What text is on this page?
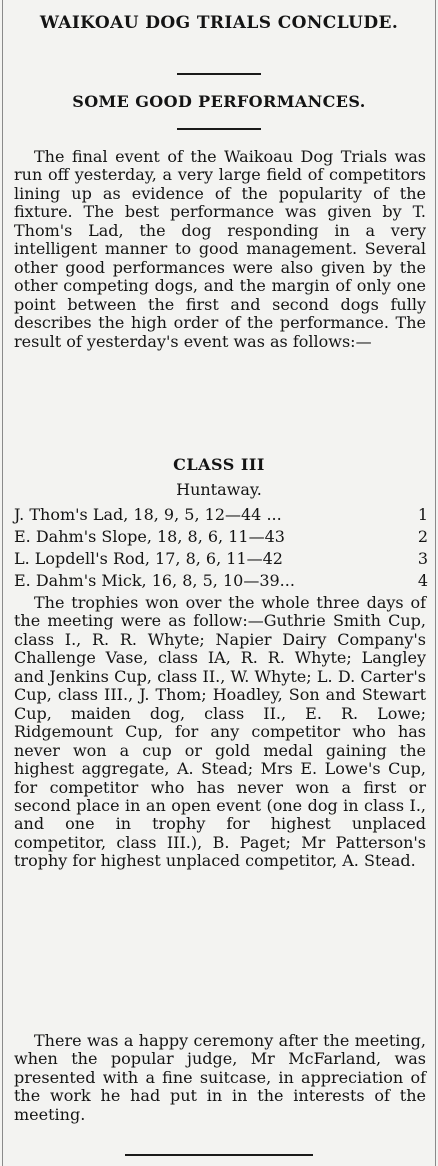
WAIKOAU DOG TRIALS CONCLUDE.
SOME GOOD PERFORMANCES.

The final event of the Waikoau Dog Trials was run off yesterday, a very large field of competitors lining up as evidence of the popularity of the fixture. The best performance was given by T. Thom's Lad, the dog responding in a very intelligent manner to good management. Several other good performances were also given by the other competing dogs, and the margin of only one point between the first and second dogs fully describes the high order of the performance. The result of yesterday's event was as follows:—

CLASS III
Huntaway.
J. Thom's Lad, 18, 9, 5, 12—44 ...	1
E. Dahm's Slope, 18, 8, 6, 11—43	2
L. Lopdell's Rod, 17, 8, 6, 11—42	3
E. Dahm's Mick, 16, 8, 5, 10—39...	4

The trophies won over the whole three days of the meeting were as follow:—Guthrie Smith Cup, class I., R. R. Whyte; Napier Dairy Company's Challenge Vase, class IA, R. R. Whyte; Langley and Jenkins Cup, class II., W. Whyte; L. D. Carter's Cup, class III., J. Thom; Hoadley, Son and Stewart Cup, maiden dog, class II., E. R. Lowe; Ridgemount Cup, for any competitor who has never won a cup or gold medal gaining the highest aggregate, A. Stead; Mrs E. Lowe's Cup, for competitor who has never won a first or second place in an open event (one dog in class I., and one in trophy for highest unplaced competitor, class III.), B. Paget; Mr Patterson's trophy for highest unplaced competitor, A. Stead.

There was a happy ceremony after the meeting, when the popular judge, Mr McFarland, was presented with a fine suitcase, in appreciation of the work he had put in in the interests of the meeting.
